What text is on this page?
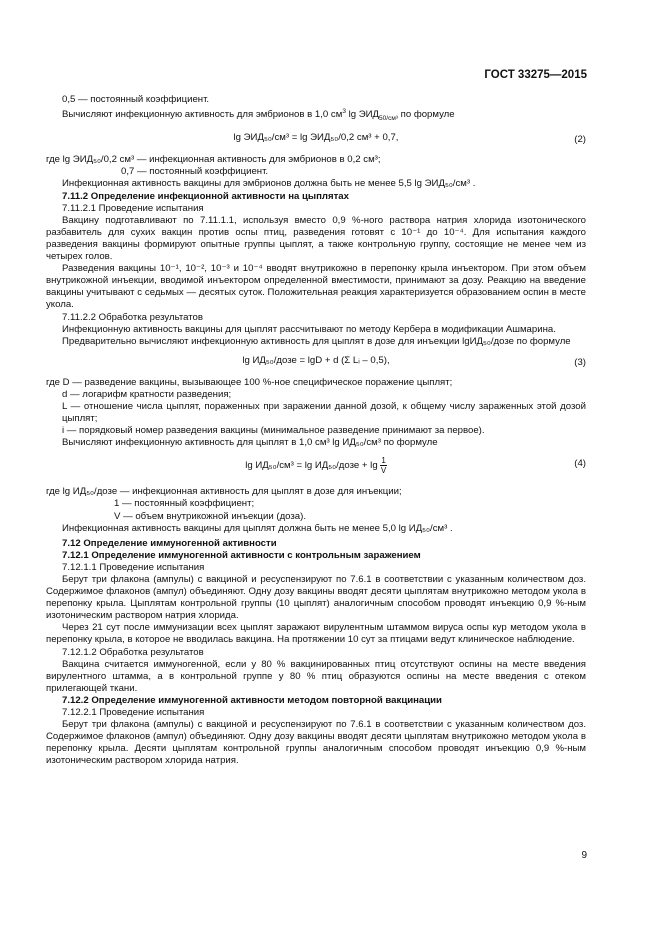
ГОСТ 33275—2015

0,5 — постоянный коэффициент.

Вычисляют инфекционную активность для эмбрионов в 1,0 $см^3$ $\lg ЭИД_{50/см^3}$ по формуле

lg ЭИД₅₀/см³ = lg ЭИД₅₀/0,2 см³ + 0,7,	(2)

где lg ЭИД₅₀/0,2 см³ — инфекционная активность для эмбрионов в 0,2 см³;

0,7 — постоянный коэффициент.

Инфекционная активность вакцины для эмбрионов должна быть не менее 5,5 lg ЭИД₅₀/см³ .

7.11.2 Определение инфекционной активности на цыплятах

7.11.2.1 Проведение испытания

Вакцину подготавливают по 7.11.1.1, используя вместо 0,9 %-ного раствора натрия хлорида изотонического разбавитель для сухих вакцин против оспы птиц, разведения готовят с 10⁻¹ до 10⁻⁴. Для испытания каждого разведения вакцины формируют опытные группы цыплят, а также контрольную группу, состоящие не менее чем из четырех голов.

Разведения вакцины 10⁻¹, 10⁻², 10⁻³ и 10⁻⁴ вводят внутрикожно в перепонку крыла инъектором. При этом объем внутрикожной инъекции, вводимой инъектором определенной вместимости, принимают за дозу. Реакцию на введение вакцины учитывают с седьмых — десятых суток. Положительная реакция характеризуется образованием оспин в месте укола.

7.11.2.2 Обработка результатов

Инфекционную активность вакцины для цыплят рассчитывают по методу Кербера в модификации Ашмарина.

Предварительно вычисляют инфекционную активность для цыплят в дозе для инъекции lgИД₅₀/дозе по формуле

lg ИД₅₀/дозе = lgD + d (Σ Lᵢ – 0,5),	(3)

где D — разведение вакцины, вызывающее 100 %-ное специфическое поражение цыплят;

d — логарифм кратности разведения;

L — отношение числа цыплят, пораженных при заражении данной дозой, к общему числу зараженных этой дозой цыплят;

i — порядковый номер разведения вакцины (минимальное разведение принимают за первое).

Вычисляют инфекционную активность для цыплят в 1,0 см³ lg ИД₅₀/см³ по формуле

lg ИД₅₀/см³ = lg ИД₅₀/дозе + $\lg \frac{1}{V}$	(4)

где lg ИД₅₀/дозе — инфекционная активность для цыплят в дозе для инъекции;

1 — постоянный коэффициент;

V — объем внутрикожной инъекции (доза).

Инфекционная активность вакцины для цыплят должна быть не менее 5,0 lg ИД₅₀/см³ .

7.12 Определение иммуногенной активности

7.12.1 Определение иммуногенной активности с контрольным заражением

7.12.1.1 Проведение испытания

Берут три флакона (ампулы) с вакциной и ресуспензируют по 7.6.1 в соответствии с указанным количеством доз. Содержимое флаконов (ампул) объединяют. Одну дозу вакцины вводят десяти цыплятам внутрикожно методом укола в перепонку крыла. Цыплятам контрольной группы (10 цыплят) аналогичным способом проводят инъекцию 0,9 %-ным изотоническим раствором натрия хлорида.

Через 21 сут после иммунизации всех цыплят заражают вирулентным штаммом вируса оспы кур методом укола в перепонку крыла, в которое не вводилась вакцина. На протяжении 10 сут за птицами ведут клиническое наблюдение.

7.12.1.2 Обработка результатов

Вакцина считается иммуногенной, если у 80 % вакцинированных птиц отсутствуют оспины на месте введения вирулентного штамма, а в контрольной группе у 80 % птиц образуются оспины на месте введения с отеком прилегающей ткани.

7.12.2 Определение иммуногенной активности методом повторной вакцинации

7.12.2.1 Проведение испытания

Берут три флакона (ампулы) с вакциной и ресуспензируют по 7.6.1 в соответствии с указанным количеством доз. Содержимое флаконов (ампул) объединяют. Одну дозу вакцины вводят десяти цыплятам внутрикожно методом укола в перепонку крыла. Десяти цыплятам контрольной группы аналогичным способом проводят инъекцию 0,9 %-ным изотоническим раствором хлорида натрия.

9
